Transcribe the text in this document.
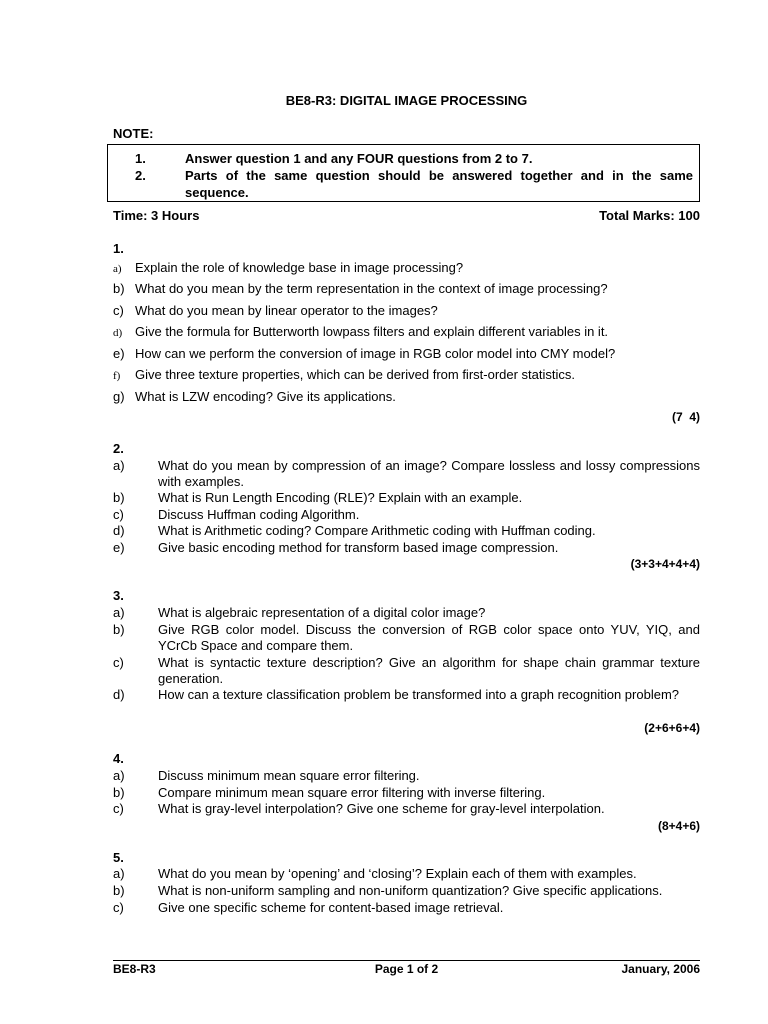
BE8-R3: DIGITAL IMAGE PROCESSING
NOTE:
1.	Answer question 1 and any FOUR questions from 2 to 7.
2.	Parts of the same question should be answered together and in the same sequence.
Time: 3 Hours	Total Marks: 100
1.
a) Explain the role of knowledge base in image processing?
b) What do you mean by the term representation in the context of image processing?
c) What do you mean by linear operator to the images?
d) Give the formula for Butterworth lowpass filters and explain different variables in it.
e) How can we perform the conversion of image in RGB color model into CMY model?
f) Give three texture properties, which can be derived from first-order statistics.
g) What is LZW encoding? Give its applications.
(7  4)
2.
a)	What do you mean by compression of an image? Compare lossless and lossy compressions with examples.
b)	What is Run Length Encoding (RLE)? Explain with an example.
c)	Discuss Huffman coding Algorithm.
d)	What is Arithmetic coding? Compare Arithmetic coding with Huffman coding.
e)	Give basic encoding method for transform based image compression.
(3+3+4+4+4)
3.
a)	What is algebraic representation of a digital color image?
b)	Give RGB color model. Discuss the conversion of RGB color space onto YUV, YIQ, and YCrCb Space and compare them.
c)	What is syntactic texture description? Give an algorithm for shape chain grammar texture generation.
d)	How can a texture classification problem be transformed into a graph recognition problem?
(2+6+6+4)
4.
a)	Discuss minimum mean square error filtering.
b)	Compare minimum mean square error filtering with inverse filtering.
c)	What is gray-level interpolation? Give one scheme for gray-level interpolation.
(8+4+6)
5.
a)	What do you mean by ‘opening’ and ‘closing’? Explain each of them with examples.
b)	What is non-uniform sampling and non-uniform quantization? Give specific applications.
c)	Give one specific scheme for content-based image retrieval.
BE8-R3	Page 1 of 2	January, 2006
